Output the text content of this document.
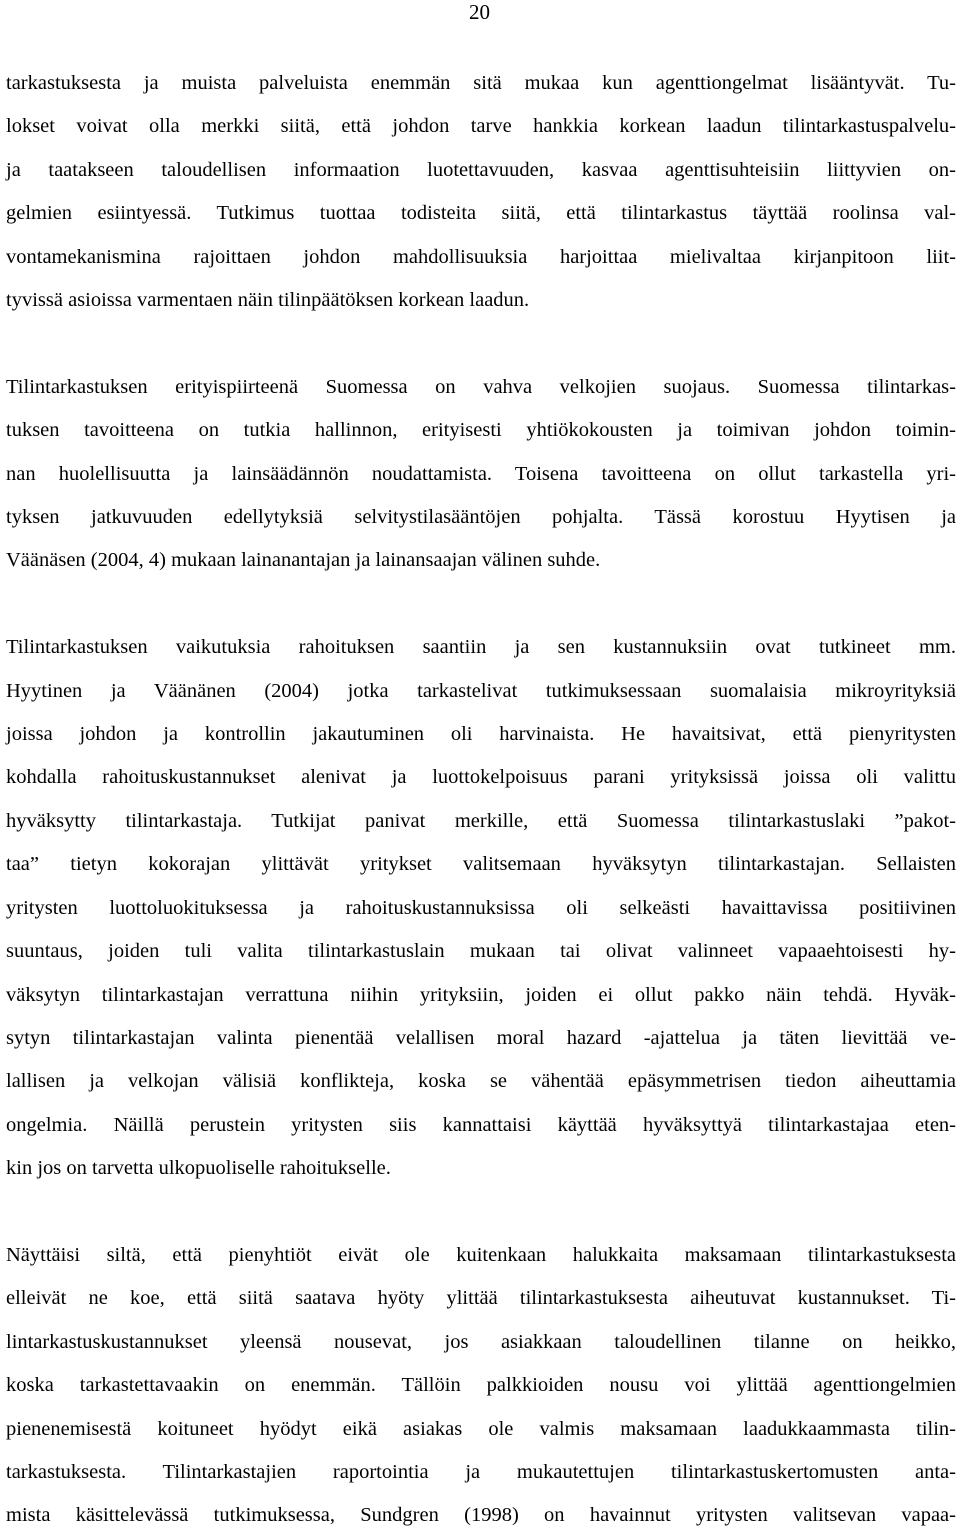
20

tarkastuksesta ja muista palveluista enemmän sitä mukaa kun agenttiongelmat lisääntyvät. Tu-
lokset voivat olla merkki siitä, että johdon tarve hankkia korkean laadun tilintarkastuspalvelu-
ja taatakseen taloudellisen informaation luotettavuuden, kasvaa agenttisuhteisiin liittyvien on-
gelmien esiintyessä. Tutkimus tuottaa todisteita siitä, että tilintarkastus täyttää roolinsa val-
vontamekanismina rajoittaen johdon mahdollisuuksia harjoittaa mielivaltaa kirjanpitoon liit-
tyvissä asioissa varmentaen näin tilinpäätöksen korkean laadun.

Tilintarkastuksen erityispiirteenä Suomessa on vahva velkojien suojaus. Suomessa tilintarkas-
tuksen tavoitteena on tutkia hallinnon, erityisesti yhtiökokousten ja toimivan johdon toimin-
nan huolellisuutta ja lainsäädännön noudattamista. Toisena tavoitteena on ollut tarkastella yri-
tyksen jatkuvuuden edellytyksiä selvitystilasääntöjen pohjalta. Tässä korostuu Hyytisen ja
Väänäsen (2004, 4) mukaan lainanantajan ja lainansaajan välinen suhde.

Tilintarkastuksen vaikutuksia rahoituksen saantiin ja sen kustannuksiin ovat tutkineet mm.
Hyytinen ja Väänänen (2004) jotka tarkastelivat tutkimuksessaan suomalaisia mikroyrityksiä
joissa johdon ja kontrollin jakautuminen oli harvinaista. He havaitsivat, että pienyritysten
kohdalla rahoituskustannukset alenivat ja luottokelpoisuus parani yrityksissä joissa oli valittu
hyväksytty tilintarkastaja. Tutkijat panivat merkille, että Suomessa tilintarkastuslaki ”pakot-
taa” tietyn kokorajan ylittävät yritykset valitsemaan hyväksytyn tilintarkastajan. Sellaisten
yritysten luottoluokituksessa ja rahoituskustannuksissa oli selkeästi havaittavissa positiivinen
suuntaus, joiden tuli valita tilintarkastuslain mukaan tai olivat valinneet vapaaehtoisesti hy-
väksytyn tilintarkastajan verrattuna niihin yrityksiin, joiden ei ollut pakko näin tehdä. Hyväk-
sytyn tilintarkastajan valinta pienentää velallisen moral hazard -ajattelua ja täten lievittää ve-
lallisen ja velkojan välisiä konflikteja, koska se vähentää epäsymmetrisen tiedon aiheuttamia
ongelmia. Näillä perustein yritysten siis kannattaisi käyttää hyväksyttyä tilintarkastajaa eten-
kin jos on tarvetta ulkopuoliselle rahoitukselle.

Näyttäisi siltä, että pienyhtiöt eivät ole kuitenkaan halukkaita maksamaan tilintarkastuksesta
elleivät ne koe, että siitä saatava hyöty ylittää tilintarkastuksesta aiheutuvat kustannukset. Ti-
lintarkastuskustannukset yleensä nousevat, jos asiakkaan taloudellinen tilanne on heikko,
koska tarkastettavaakin on enemmän. Tällöin palkkioiden nousu voi ylittää agenttiongelmien
pienenemisestä koituneet hyödyt eikä asiakas ole valmis maksamaan laadukkaammasta tilin-
tarkastuksesta. Tilintarkastajien raportointia ja mukautettujen tilintarkastuskertomusten anta-
mista käsittelevässä tutkimuksessa, Sundgren (1998) on havainnut yritysten valitsevan vapaa-
